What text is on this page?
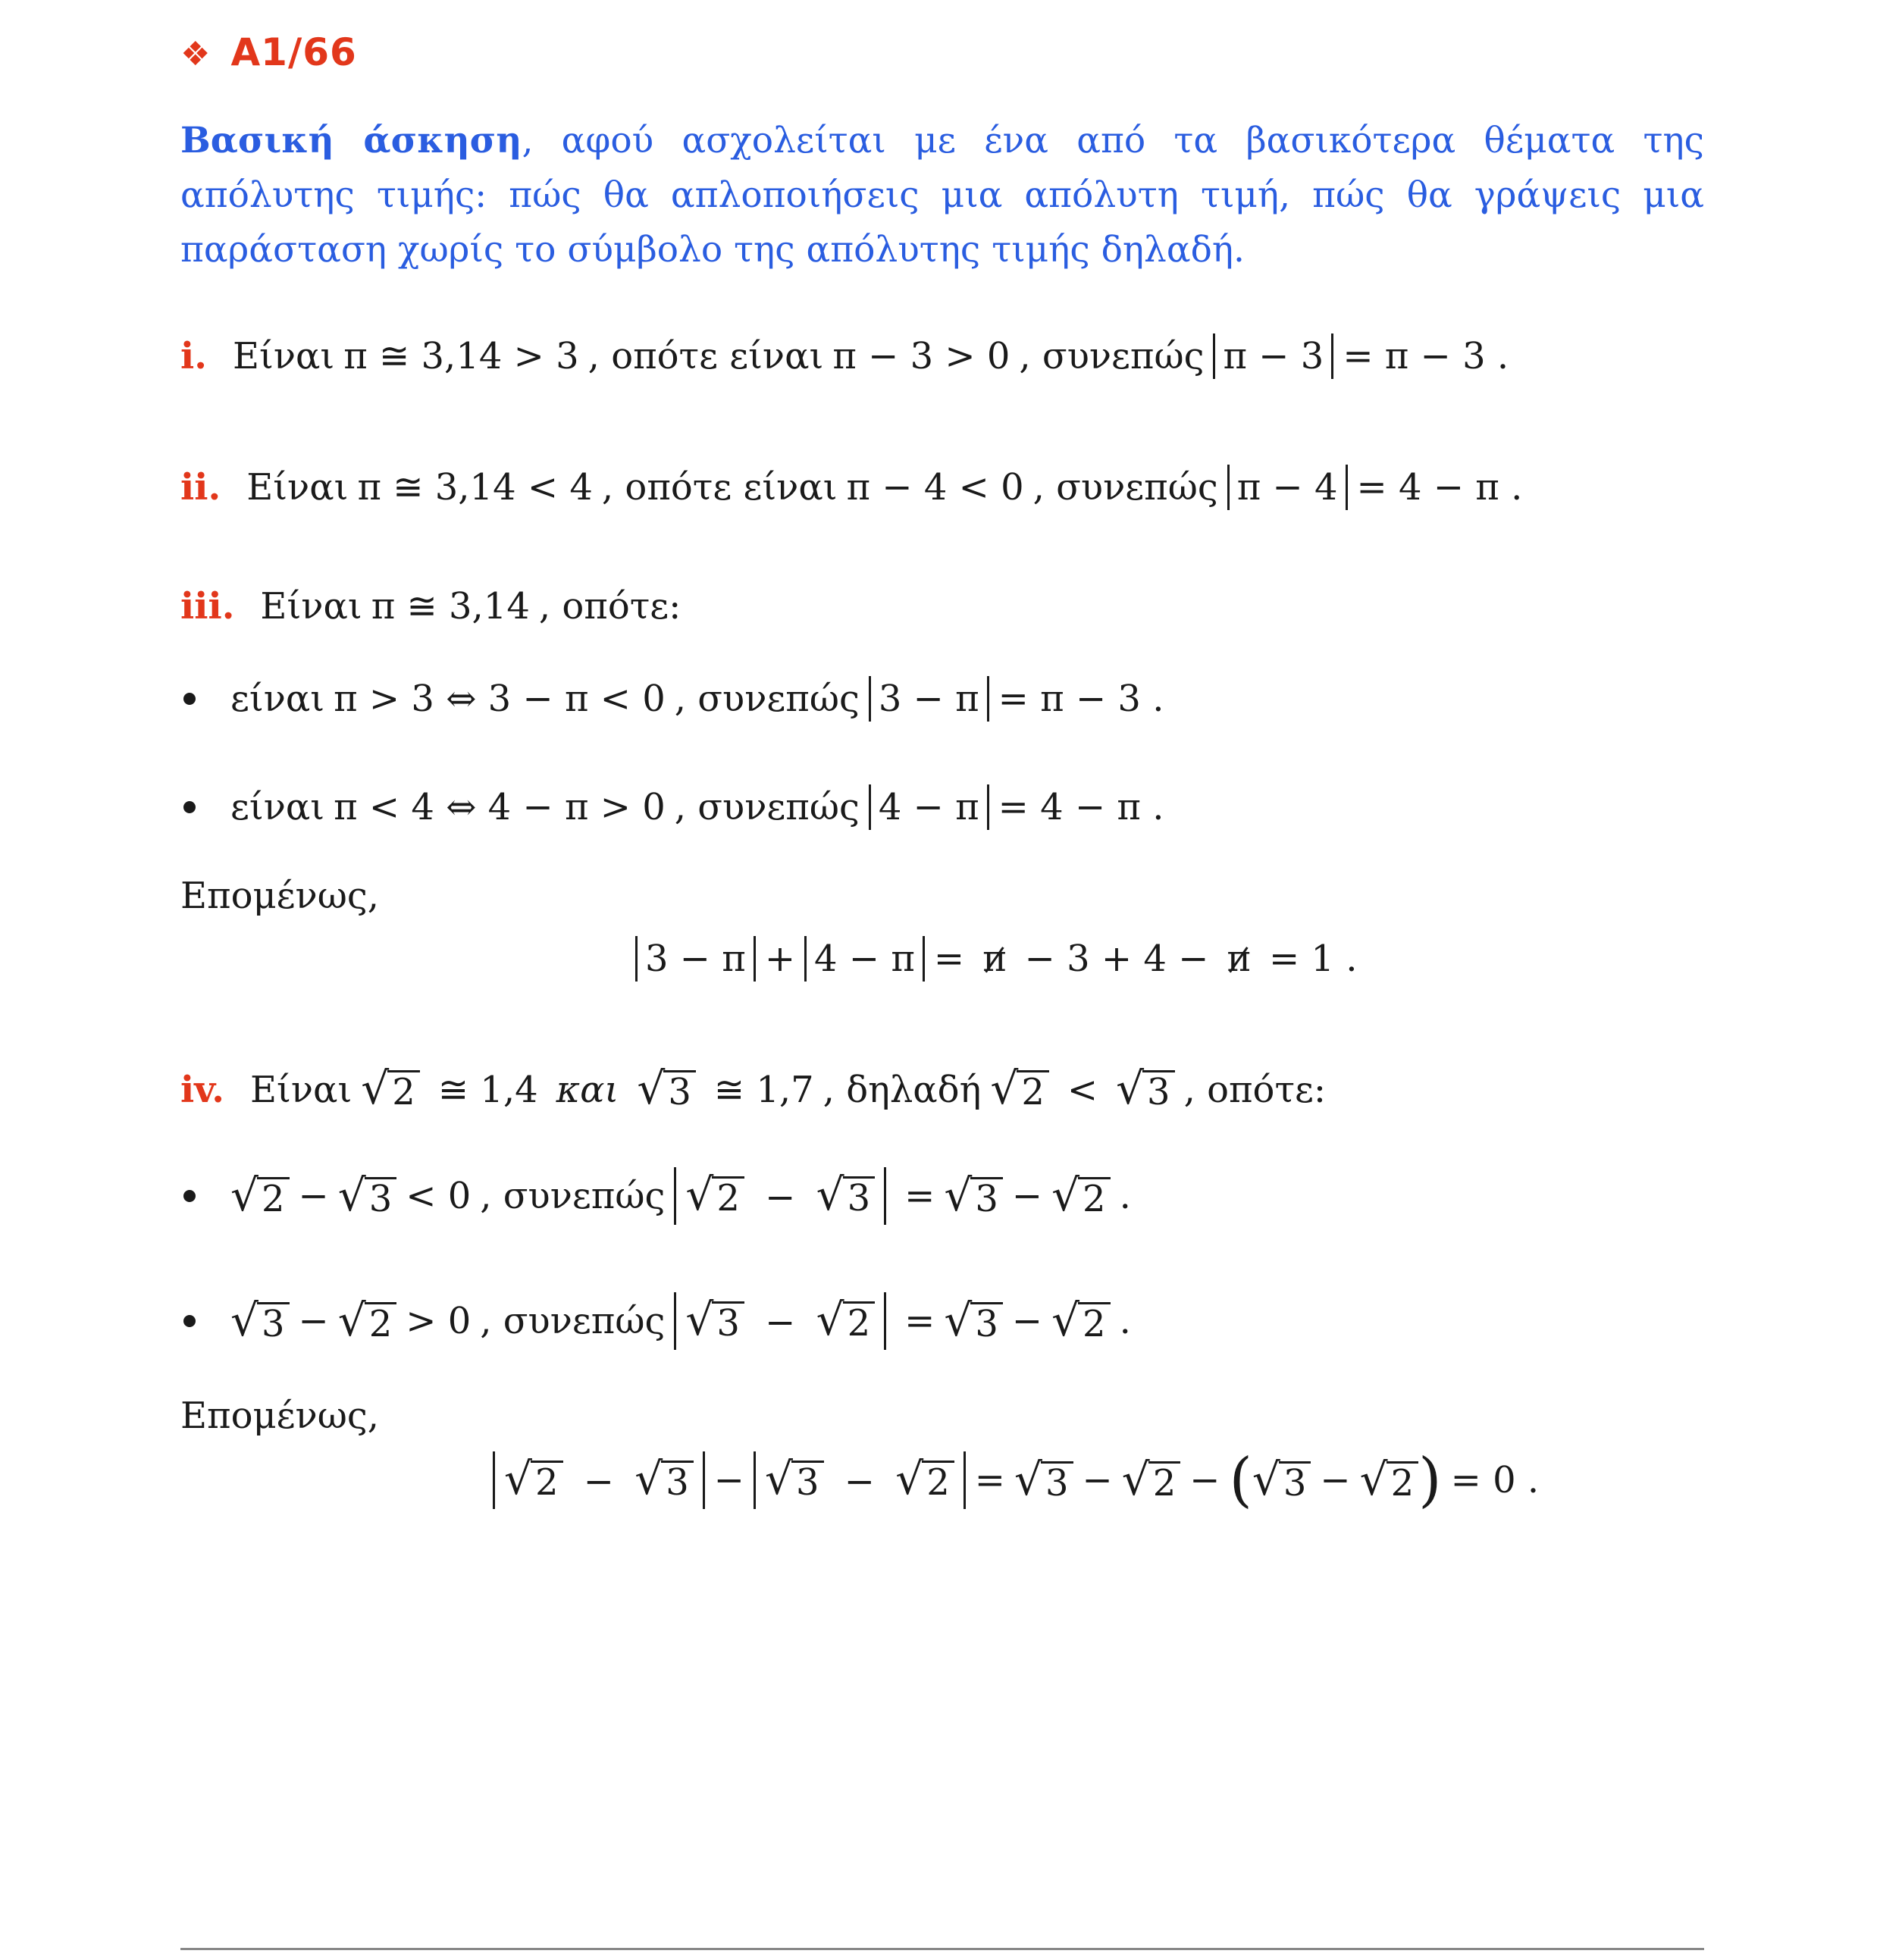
❖ A1/66
Βασική άσκηση, αφού ασχολείται με ένα από τα βασικότερα θέματα της απόλυτης τιμής: πώς θα απλοποιήσεις μια απόλυτη τιμή, πώς θα γράψεις μια παράσταση χωρίς το σύμβολο της απόλυτης τιμής δηλαδή.
i. Είναι π ≅ 3,14 > 3 , οπότε είναι π − 3 > 0 , συνεπώς π − 3 = π − 3 .
ii. Είναι π ≅ 3,14 < 4 , οπότε είναι π − 4 < 0 , συνεπώς π − 4 = 4 − π .
iii. Είναι π ≅ 3,14 , οπότε:
είναι π > 3 ⇔ 3 − π < 0 , συνεπώς 3 − π = π − 3 .
είναι π < 4 ⇔ 4 − π > 0 , συνεπώς 4 − π = 4 − π .
Επομένως,
3 − π + 4 − π = π − 3 + 4 − π = 1 .
iv. Είναι √ 2 ≅ 1,4 και √ 3 ≅ 1,7 , δηλαδή √ 2 < √ 3 , οπότε:
√ 2 − √ 3 < 0 , συνεπώς √ 2 − √ 3 = √ 3 − √ 2 .
√ 3 − √ 2 > 0 , συνεπώς √ 3 − √ 2 = √ 3 − √ 2 .
Επομένως,
√ 2 − √ 3 − √ 3 − √ 2 = √ 3 − √ 2 − ( √ 3 − √ 2 ) = 0 .
